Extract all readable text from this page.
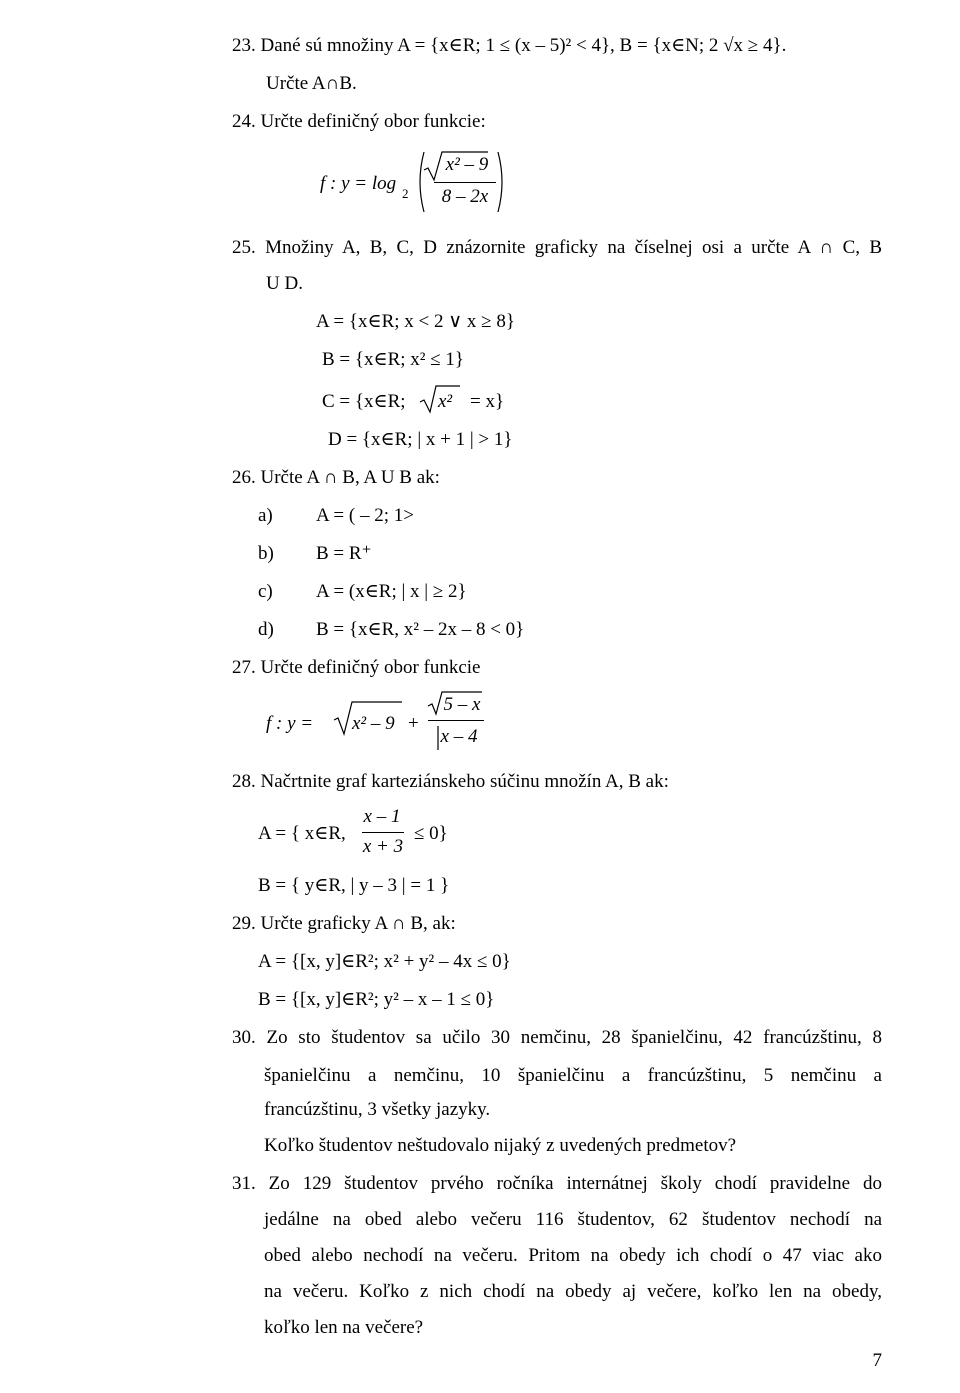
23. Dané sú množiny A = {x∈R; 1 ≤ (x – 5)² < 4}, B = {x∈N; 2 √x ≥ 4}.
Určte A∩B.
24. Určte definičný obor funkcie:
f : y = log 2
x² – 9
8 – 2x
25. Množiny A, B, C, D znázornite graficky na číselnej osi a určte A ∩ C, B
U D.
A = {x∈R; x < 2 ∨ x ≥ 8}
B = {x∈R; x² ≤ 1}
C = {x∈R; x² = x}
D = {x∈R; | x + 1 | > 1}
26. Určte A ∩ B, A U B ak:
a) A = ( – 2; 1>
b) B = R⁺
c) A = (x∈R; | x | ≥ 2}
d) B = {x∈R, x² – 2x – 8 < 0}
27. Určte definičný obor funkcie
f : y = x² – 9 +
5 – x
x – 4
28. Načrtnite graf karteziánskeho súčinu množín A, B ak:
A = { x∈R,
x – 1
x + 3
≤ 0}
B = { y∈R, | y – 3 | = 1 }
29. Určte graficky A ∩ B, ak:
A = {[x, y]∈R²; x² + y² – 4x ≤ 0}
B = {[x, y]∈R²; y² – x – 1 ≤ 0}
30. Zo sto študentov sa učilo 30 nemčinu, 28 španielčinu, 42 francúzštinu, 8
španielčinu a nemčinu, 10 španielčinu a francúzštinu, 5 nemčinu a
francúzštinu, 3 všetky jazyky.
Koľko študentov neštudovalo nijaký z uvedených predmetov?
31. Zo 129 študentov prvého ročníka internátnej školy chodí pravidelne do
jedálne na obed alebo večeru 116 študentov, 62 študentov nechodí na
obed alebo nechodí na večeru. Pritom na obedy ich chodí o 47 viac ako
na večeru. Koľko z nich chodí na obedy aj večere, koľko len na obedy,
koľko len na večere?
7
